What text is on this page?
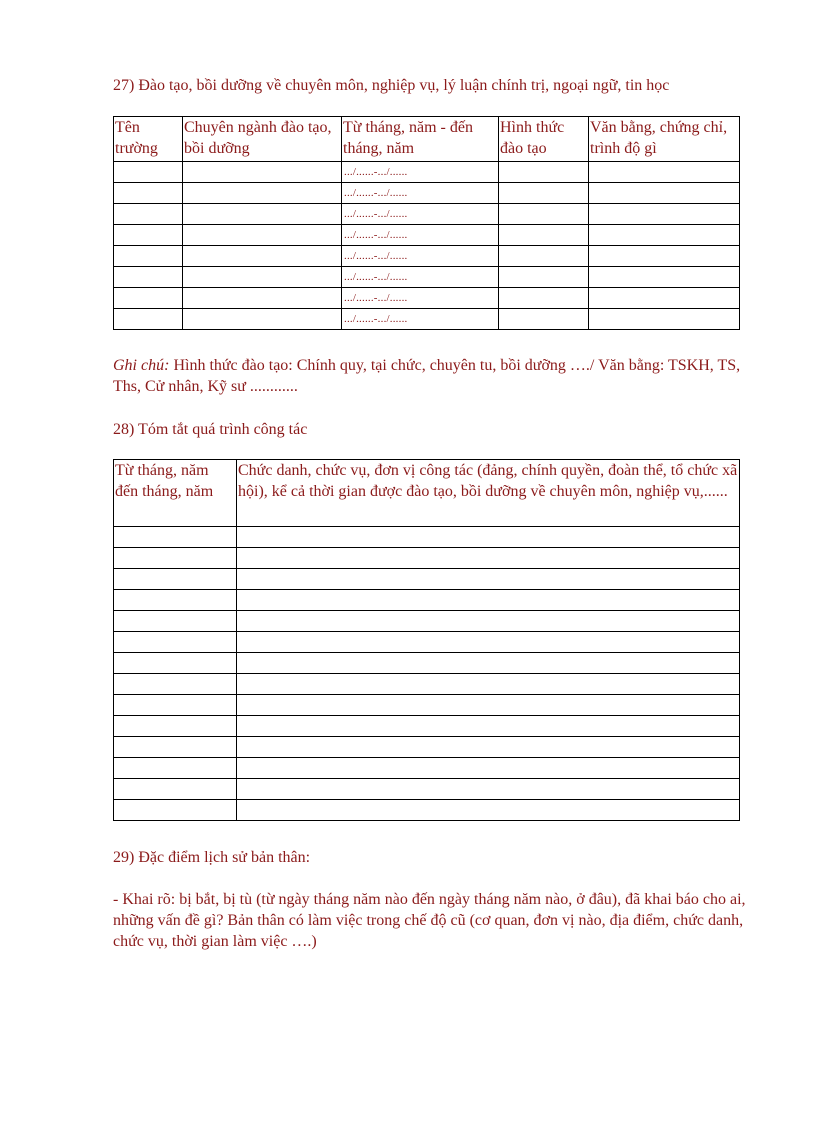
27) Đào tạo, bồi dưỡng về chuyên môn, nghiệp vụ, lý luận chính trị, ngoại ngữ, tin học
Tên trường	Chuyên ngành đào tạo, bồi dưỡng	Từ tháng, năm - đến tháng, năm	Hình thức đào tạo	Văn bằng, chứng chỉ, trình độ gì

		.../......-.../......		

		.../......-.../......		

		.../......-.../......		

		.../......-.../......		

		.../......-.../......		

		.../......-.../......		

		.../......-.../......		

		.../......-.../......		

Ghi chú: Hình thức đào tạo: Chính quy, tại chức, chuyên tu, bồi dưỡng …./ Văn bằng: TSKH, TS, Ths, Cử nhân, Kỹ sư ............
28) Tóm tắt quá trình công tác
Từ tháng, năm đến tháng, năm	Chức danh, chức vụ, đơn vị công tác (đảng, chính quyền, đoàn thể, tổ chức xã hội), kể cả thời gian được đào tạo, bồi dưỡng về chuyên môn, nghiệp vụ,......

29) Đặc điểm lịch sử bản thân:
- Khai rõ: bị bắt, bị tù (từ ngày tháng năm nào đến ngày tháng năm nào, ở đâu), đã khai báo cho ai, những vấn đề gì? Bản thân có làm việc trong chế độ cũ (cơ quan, đơn vị nào, địa điểm, chức danh, chức vụ, thời gian làm việc ….)
